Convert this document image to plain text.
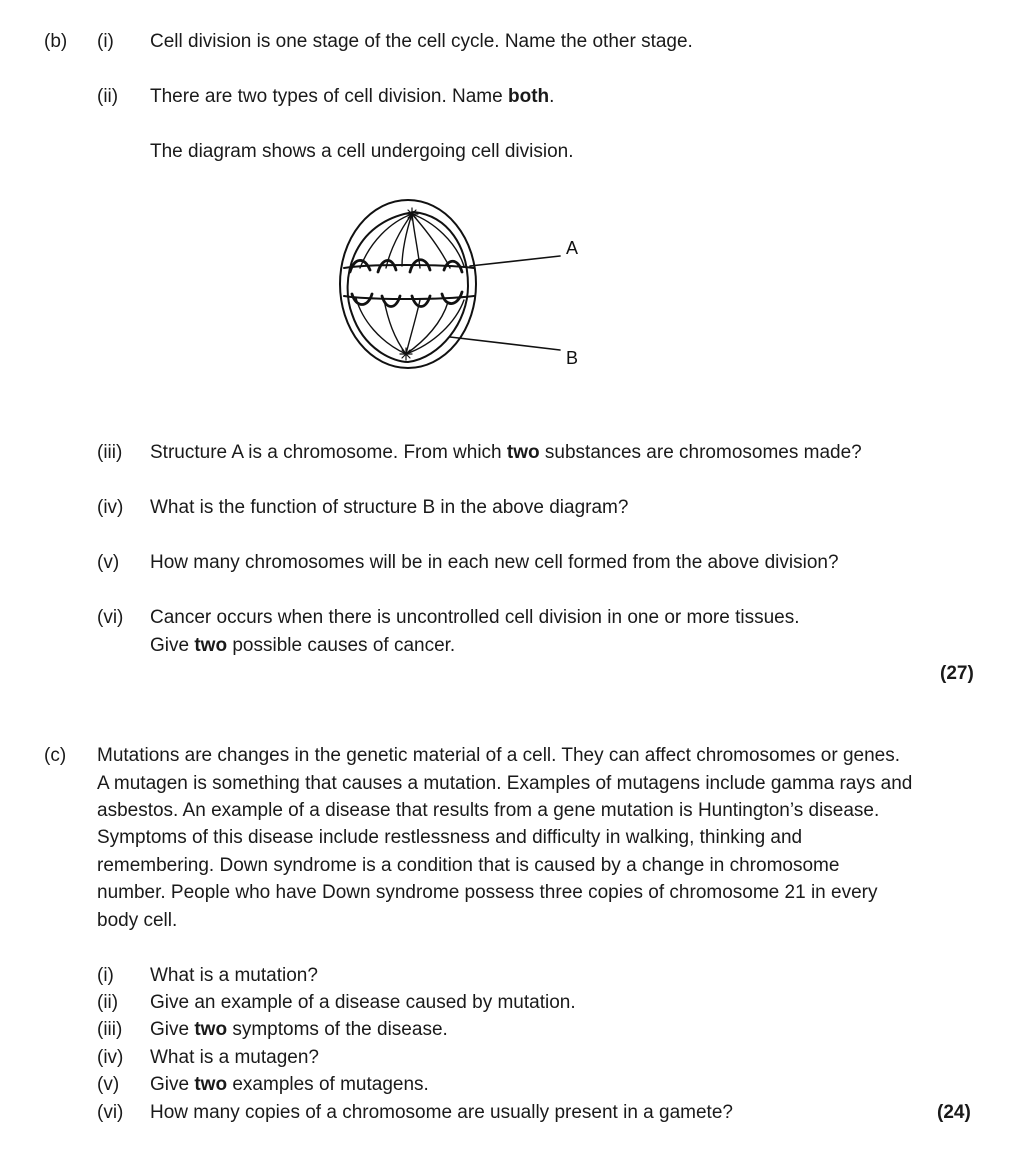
(b) (i) Cell division is one stage of the cell cycle. Name the other stage.
(ii) There are two types of cell division. Name both.
The diagram shows a cell undergoing cell division.
A
B
(iii) Structure A is a chromosome. From which two substances are chromosomes made?
(iv) What is the function of structure B in the above diagram?
(v) How many chromosomes will be in each new cell formed from the above division?
(vi) Cancer occurs when there is uncontrolled cell division in one or more tissues.
Give two possible causes of cancer.
(27)
(c) Mutations are changes in the genetic material of a cell. They can affect chromosomes or genes.
A mutagen is something that causes a mutation. Examples of mutagens include gamma rays and
asbestos. An example of a disease that results from a gene mutation is Huntington’s disease.
Symptoms of this disease include restlessness and difficulty in walking, thinking and
remembering. Down syndrome is a condition that is caused by a change in chromosome
number. People who have Down syndrome possess three copies of chromosome 21 in every
body cell.
(i) What is a mutation?
(ii) Give an example of a disease caused by mutation.
(iii) Give two symptoms of the disease.
(iv) What is a mutagen?
(v) Give two examples of mutagens.
(vi) How many copies of a chromosome are usually present in a gamete?	(24)
